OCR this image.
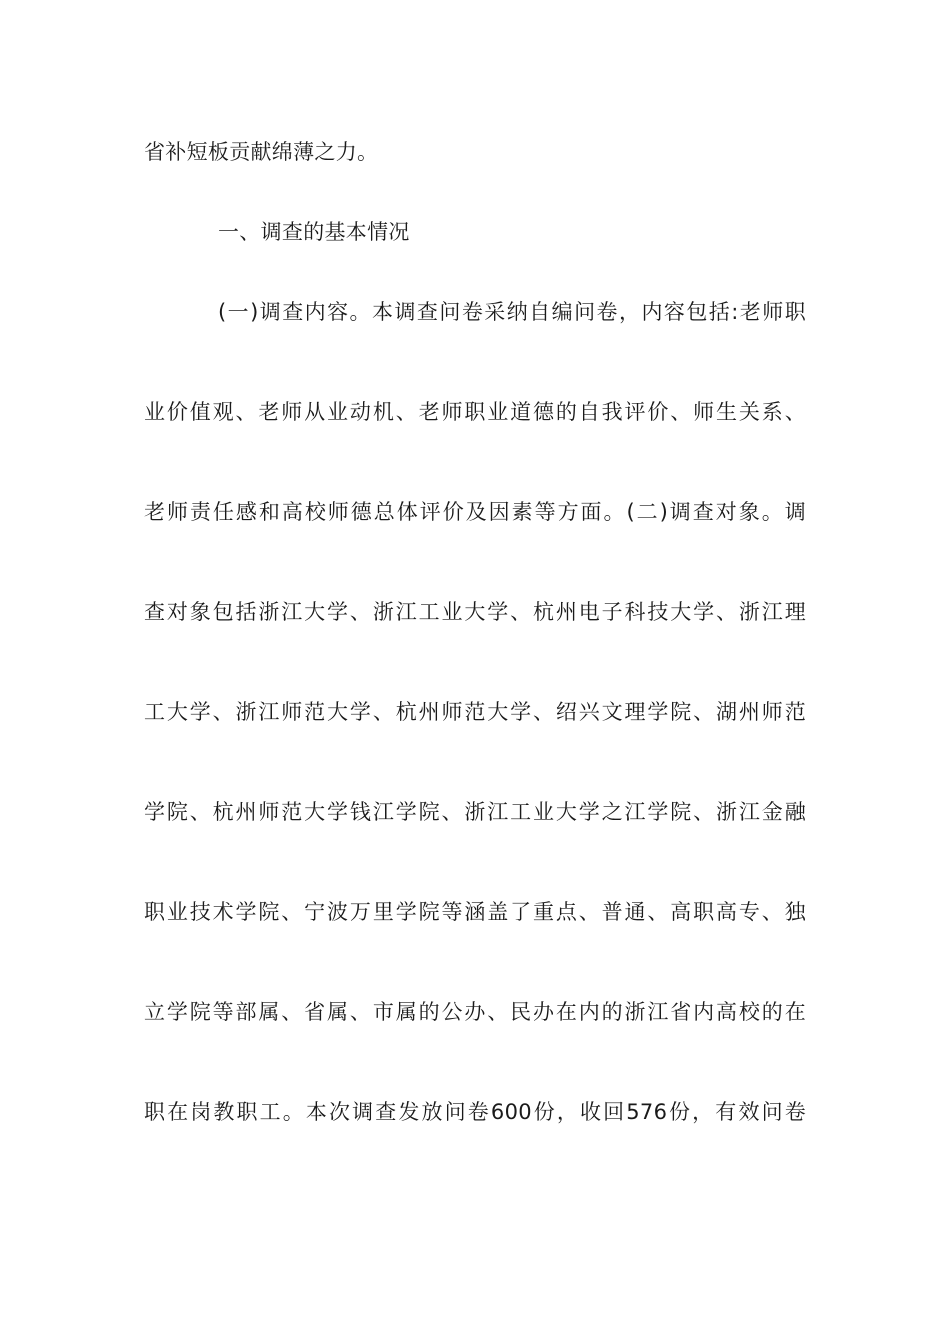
省补短板贡献绵薄之力。
一、调查的基本情况
(一)调查内容。本调查问卷采纳自编问卷，内容包括:老师职
业价值观、老师从业动机、老师职业道德的自我评价、师生关系、
老师责任感和高校师德总体评价及因素等方面。(二)调查对象。调
查对象包括浙江大学、浙江工业大学、杭州电子科技大学、浙江理
工大学、浙江师范大学、杭州师范大学、绍兴文理学院、湖州师范
学院、杭州师范大学钱江学院、浙江工业大学之江学院、浙江金融
职业技术学院、宁波万里学院等涵盖了重点、普通、高职高专、独
立学院等部属、省属、市属的公办、民办在内的浙江省内高校的在
职在岗教职工。本次调查发放问卷600份，收回576份，有效问卷
